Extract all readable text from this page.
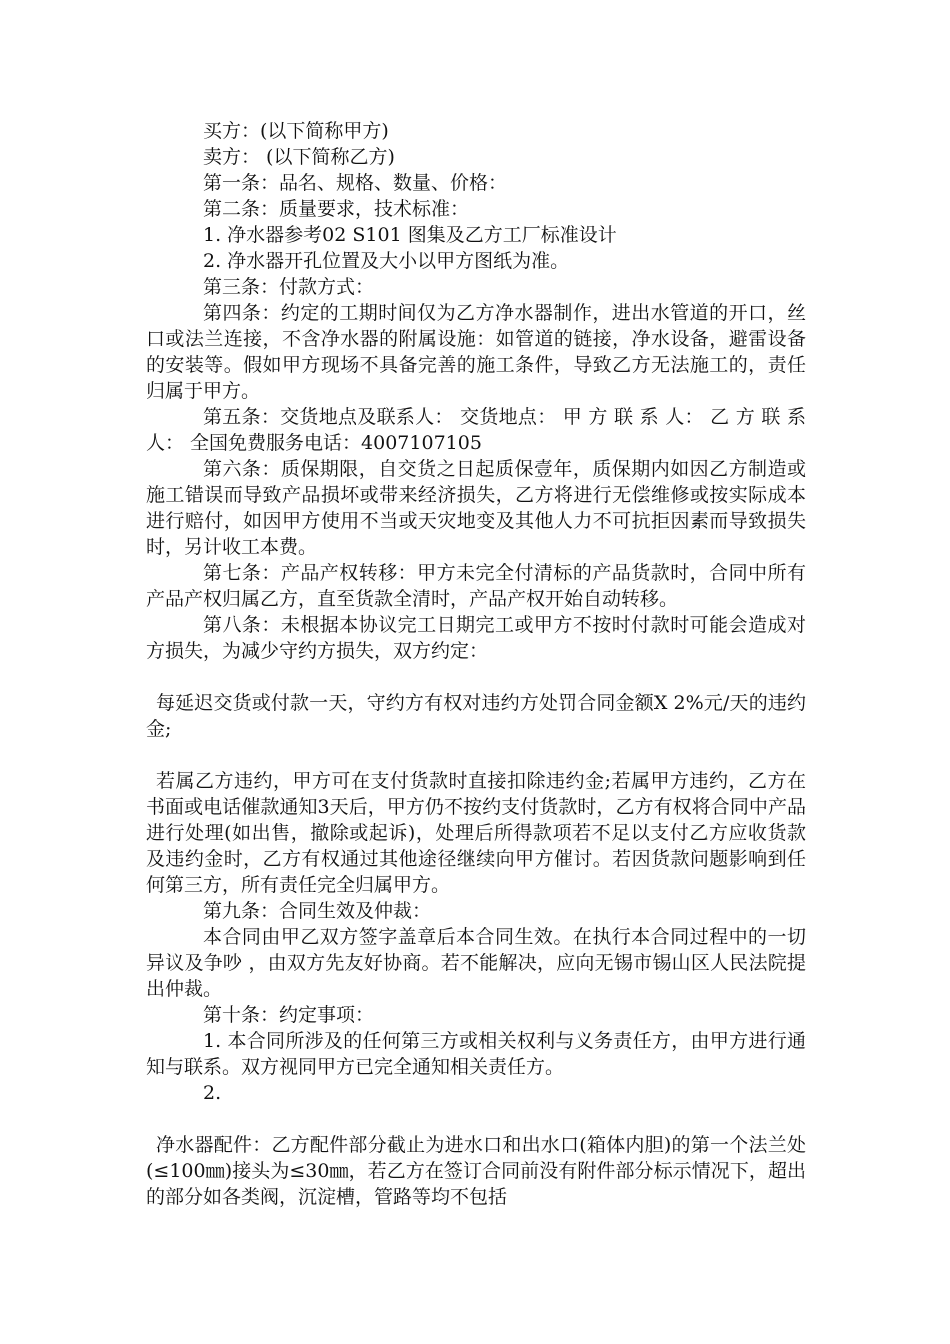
买方：(以下简称甲方)

卖方： (以下简称乙方)

第一条：品名、规格、数量、价格：

第二条：质量要求，技术标准：

1. 净水器参考02 S101 图集及乙方工厂标准设计

2. 净水器开孔位置及大小以甲方图纸为准。

第三条：付款方式：

第四条：约定的工期时间仅为乙方净水器制作，进出水管道的开口，丝口或法兰连接，不含净水器的附属设施：如管道的链接，净水设备，避雷设备的安装等。假如甲方现场不具备完善的施工条件，导致乙方无法施工的，责任归属于甲方。

第五条：交货地点及联系人： 交货地点： 甲 方 联 系 人： 乙 方 联 系 人： 全国免费服务电话：4007107105

第六条：质保期限，自交货之日起质保壹年，质保期内如因乙方制造或施工错误而导致产品损坏或带来经济损失，乙方将进行无偿维修或按实际成本进行赔付，如因甲方使用不当或天灾地变及其他人力不可抗拒因素而导致损失时，另计收工本费。

第七条：产品产权转移：甲方未完全付清标的产品货款时，合同中所有产品产权归属乙方，直至货款全清时，产品产权开始自动转移。

第八条：未根据本协议完工日期完工或甲方不按时付款时可能会造成对方损失，为减少守约方损失，双方约定：

每延迟交货或付款一天，守约方有权对违约方处罚合同金额X 2%元/天的违约金;

若属乙方违约，甲方可在支付货款时直接扣除违约金;若属甲方违约，乙方在书面或电话催款通知3天后，甲方仍不按约支付货款时，乙方有权将合同中产品进行处理(如出售，撤除或起诉)，处理后所得款项若不足以支付乙方应收货款及违约金时，乙方有权通过其他途径继续向甲方催讨。若因货款问题影响到任何第三方，所有责任完全归属甲方。

第九条：合同生效及仲裁：

本合同由甲乙双方签字盖章后本合同生效。在执行本合同过程中的一切异议及争吵 ，由双方先友好协商。若不能解决，应向无锡市锡山区人民法院提出仲裁。

第十条：约定事项：

1. 本合同所涉及的任何第三方或相关权利与义务责任方，由甲方进行通知与联系。双方视同甲方已完全通知相关责任方。

2.

净水器配件：乙方配件部分截止为进水口和出水口(箱体内胆)的第一个法兰处(≤100㎜)接头为≤30㎜，若乙方在签订合同前没有附件部分标示情况下，超出的部分如各类阀，沉淀槽，管路等均不包括
